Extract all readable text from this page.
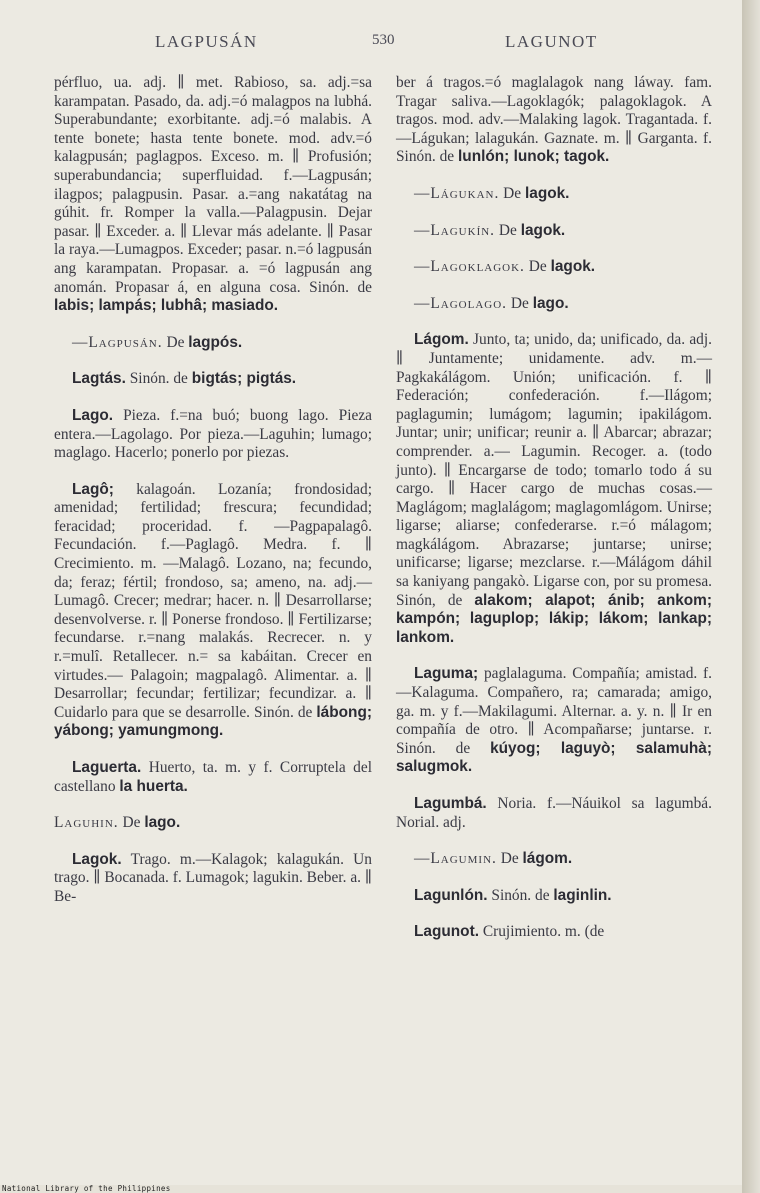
LAGPUSÁN	530	LAGUNOT

pérfluo, ua. adj. ∥ met. Rabioso, sa. adj.=sa karampatan. Pasado, da. adj.=ó malagpos na lubhá. Superabundante; exorbitante. adj.=ó malabis. A tente bonete; hasta tente bonete. mod. adv.=ó kalagpusán; paglagpos. Exceso. m. ∥ Profusión; superabundancia; superfluidad. f.—Lagpusán; ilagpos; palagpusin. Pasar. a.=ang nakatátag na gúhit. fr. Romper la valla.—Palagpusin. Dejar pasar. ∥ Exceder. a. ∥ Llevar más adelante. ∥ Pasar la raya.—Lumagpos. Exceder; pasar. n.=ó lagpusán ang karampatan. Propasar. a. =ó lagpusán ang anomán. Propasar á, en alguna cosa. Sinón. de labis; lampás; lubhâ; masiado.

—Lagpusán. De lagpós.

Lagtás. Sinón. de bigtás; pigtás.

Lago. Pieza. f.=na buó; buong lago. Pieza entera.—Lagolago. Por pieza.—Laguhin; lumago; maglago. Hacerlo; ponerlo por piezas.

Lagô; kalagoán. Lozanía; frondosidad; amenidad; fertilidad; frescura; fecundidad; feracidad; proceridad. f. —Pagpapalagô. Fecundación. f.—Paglagô. Medra. f. ∥ Crecimiento. m. —Malagô. Lozano, na; fecundo, da; feraz; fértil; frondoso, sa; ameno, na. adj.—Lumagô. Crecer; medrar; hacer. n. ∥ Desarrollarse; desenvolverse. r. ∥ Ponerse frondoso. ∥ Fertilizarse; fecundarse. r.=nang malakás. Recrecer. n. y r.=mulî. Retallecer. n.= sa kabáitan. Crecer en virtudes.— Palagoin; magpalagô. Alimentar. a. ∥ Desarrollar; fecundar; fertilizar; fecundizar. a. ∥ Cuidarlo para que se desarrolle. Sinón. de lábong; yábong; yamungmong.

Laguerta. Huerto, ta. m. y f. Corruptela del castellano la huerta.

Laguhin. De lago.

Lagok. Trago. m.—Kalagok; kalagukán. Un trago. ∥ Bocanada. f. Lumagok; lagukin. Beber. a. ∥ Be-

ber á tragos.=ó maglalagok nang láway. fam. Tragar saliva.—Lagoklagók; palagoklagok. A tragos. mod. adv.—Malaking lagok. Tragantada. f.—Lágukan; lalagukán. Gaznate. m. ∥ Garganta. f. Sinón. de lunlón; lunok; tagok.

—Lágukan. De lagok.

—Lagukín. De lagok.

—Lagoklagok. De lagok.

—Lagolago. De lago.

Lágom. Junto, ta; unido, da; unificado, da. adj. ∥ Juntamente; unidamente. adv. m.—Pagkakálágom. Unión; unificación. f. ∥ Federación; confederación. f.—Ilágom; paglagumin; lumágom; lagumin; ipakilágom. Juntar; unir; unificar; reunir a. ∥ Abarcar; abrazar; comprender. a.— Lagumin. Recoger. a. (todo junto). ∥ Encargarse de todo; tomarlo todo á su cargo. ∥ Hacer cargo de muchas cosas.—Maglágom; maglalágom; maglagomlágom. Unirse; ligarse; aliarse; confederarse. r.=ó málagom; magkálágom. Abrazarse; juntarse; unirse; unificarse; ligarse; mezclarse. r.—Málágom dáhil sa kaniyang pangakò. Ligarse con, por su promesa. Sinón, de alakom; alapot; ánib; ankom; kampón; laguplop; lákip; lákom; lankap; lankom.

Laguma; paglalaguma. Compañía; amistad. f.—Kalaguma. Compañero, ra; camarada; amigo, ga. m. y f.—Makilagumi. Alternar. a. y. n. ∥ Ir en compañía de otro. ∥ Acompañarse; juntarse. r. Sinón. de kúyog; laguyò; salamuhà; salugmok.

Lagumbá. Noria. f.—Náuikol sa lagumbá. Norial. adj.

—Lagumin. De lágom.

Lagunlón. Sinón. de laginlin.

Lagunot. Crujimiento. m. (de

National Library of the Philippines
